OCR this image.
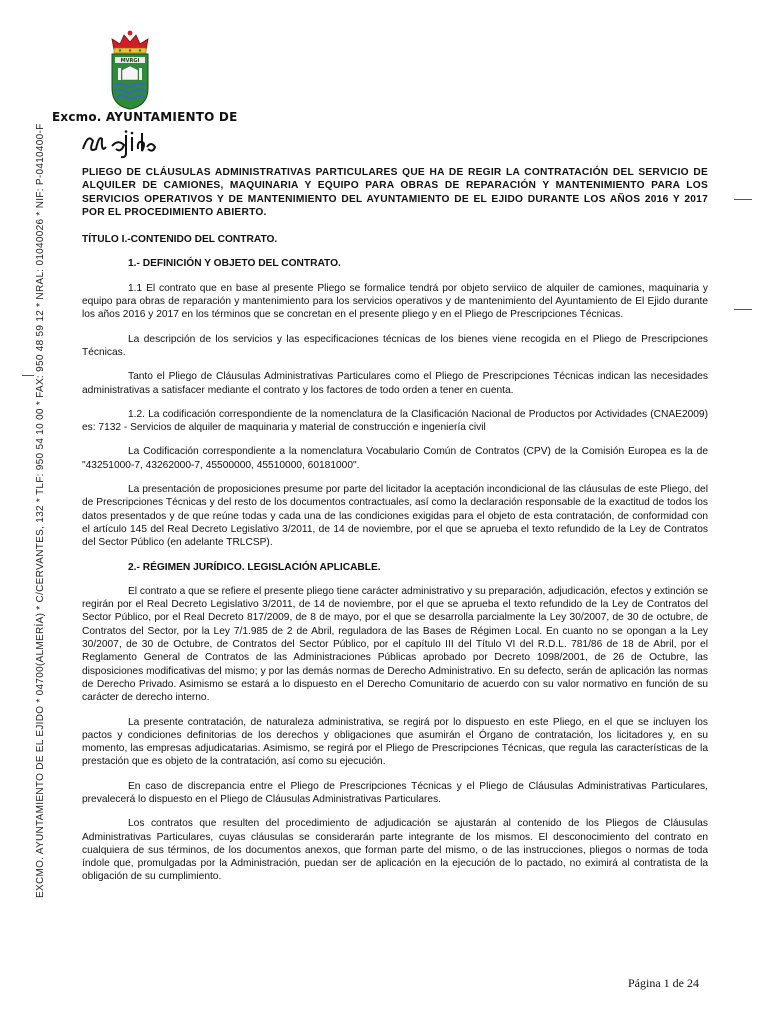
MVRGI
Excmo. AYUNTAMIENTO DE
EXCMO. AYUNTAMIENTO DE EL EJIDO * 04700(ALMERÍA) * C/CERVANTES, 132 * TLF: 950 54 10 00 * FAX: 950 48 59 12 * NRAL: 01040026 * NIF: P-0410400-F	PLIEGO DE CLÁUSULAS ADMINISTRATIVAS PARTICULARES QUE HA DE REGIR LA CONTRATACIÓN DEL SERVICIO DE ALQUILER DE CAMIONES, MAQUINARIA Y EQUIPO PARA OBRAS DE REPARACIÓN Y MANTENIMIENTO PARA LOS SERVICIOS OPERATIVOS Y DE MANTENIMIENTO DEL AYUNTAMIENTO DE EL EJIDO DURANTE LOS AÑOS 2016 Y 2017 POR EL PROCEDIMIENTO ABIERTO.

TÍTULO I.-CONTENIDO DEL CONTRATO.

1.- DEFINICIÓN Y OBJETO DEL CONTRATO.

1.1 El contrato que en base al presente Pliego se formalice tendrá por objeto serviico de alquiler de camiones, maquinaria y equipo para obras de reparación y mantenimiento para los servicios operativos y de mantenimiento del Ayuntamiento de El Ejido durante los años 2016 y 2017 en los términos que se concretan en el presente pliego y en el Pliego de Prescripciones Técnicas.

La descripción de los servicios y las especificaciones técnicas de los bienes viene recogida en el Pliego de Prescripciones Técnicas.

Tanto el Pliego de Cláusulas Administrativas Particulares como el Pliego de Prescripciones Técnicas indican las necesidades administrativas a satisfacer mediante el contrato y los factores de todo orden a tener en cuenta.

1.2. La codificación correspondiente de la nomenclatura de la Clasificación Nacional de Productos por Actividades (CNAE2009) es: 7132 - Servicios de alquiler de maquinaria y material de construcción e ingeniería civil

La Codificación correspondiente a la nomenclatura Vocabulario Común de Contratos (CPV) de la Comisión Europea es la de "43251000-7, 43262000-7, 45500000, 45510000, 60181000".

La presentación de proposiciones presume por parte del licitador la aceptación incondicional de las cláusulas de este Pliego, del de Prescripciones Técnicas y del resto de los documentos contractuales, así como la declaración responsable de la exactitud de todos los datos presentados y de que reúne todas y cada una de las condiciones exigidas para el objeto de esta contratación, de conformidad con el artículo 145 del Real Decreto Legislativo 3/2011, de 14 de noviembre, por el que se aprueba el texto refundido de la Ley de Contratos del Sector Público (en adelante TRLCSP).

2.- RÉGIMEN JURÍDICO. LEGISLACIÓN APLICABLE.

El contrato a que se refiere el presente pliego tiene carácter administrativo y su preparación, adjudicación, efectos y extinción se regirán por el Real Decreto Legislativo 3/2011, de 14 de noviembre, por el que se aprueba el texto refundido de la Ley de Contratos del Sector Público, por el Real Decreto 817/2009, de 8 de mayo, por el que se desarrolla parcialmente la Ley 30/2007, de 30 de octubre, de Contratos del Sector, por la Ley 7/1.985 de 2 de Abril, reguladora de las Bases de Régimen Local. En cuanto no se opongan a la Ley 30/2007, de 30 de Octubre, de Contratos del Sector Público, por el capítulo III del Título VI del R.D.L. 781/86 de 18 de Abril, por el Reglamento General de Contratos de las Administraciones Públicas aprobado por Decreto 1098/2001, de 26 de Octubre, las disposiciones modificativas del mismo; y por las demás normas de Derecho Administrativo. En su defecto, serán de aplicación las normas de Derecho Privado. Asimismo se estará a lo dispuesto en el Derecho Comunitario de acuerdo con su valor normativo en función de su carácter de derecho interno.

La presente contratación, de naturaleza administrativa, se regirá por lo dispuesto en este Pliego, en el que se incluyen los pactos y condiciones definitorias de los derechos y obligaciones que asumirán el Órgano de contratación, los licitadores y, en su momento, las empresas adjudicatarias. Asimismo, se regirá por el Pliego de Prescripciones Técnicas, que regula las características de la prestación que es objeto de la contratación, así como su ejecución.

En caso de discrepancia entre el Pliego de Prescripciones Técnicas y el Pliego de Cláusulas Administrativas Particulares, prevalecerá lo dispuesto en el Pliego de Cláusulas Administrativas Particulares.

Los contratos que resulten del procedimiento de adjudicación se ajustarán al contenido de los Pliegos de Cláusulas Administrativas Particulares, cuyas cláusulas se considerarán parte integrante de los mismos. El desconocimiento del contrato en cualquiera de sus términos, de los documentos anexos, que forman parte del mismo, o de las instrucciones, pliegos o normas de toda índole que, promulgadas por la Administración, puedan ser de aplicación en la ejecución de lo pactado, no eximirá al contratista de la obligación de su cumplimiento.

Página 1 de 24
